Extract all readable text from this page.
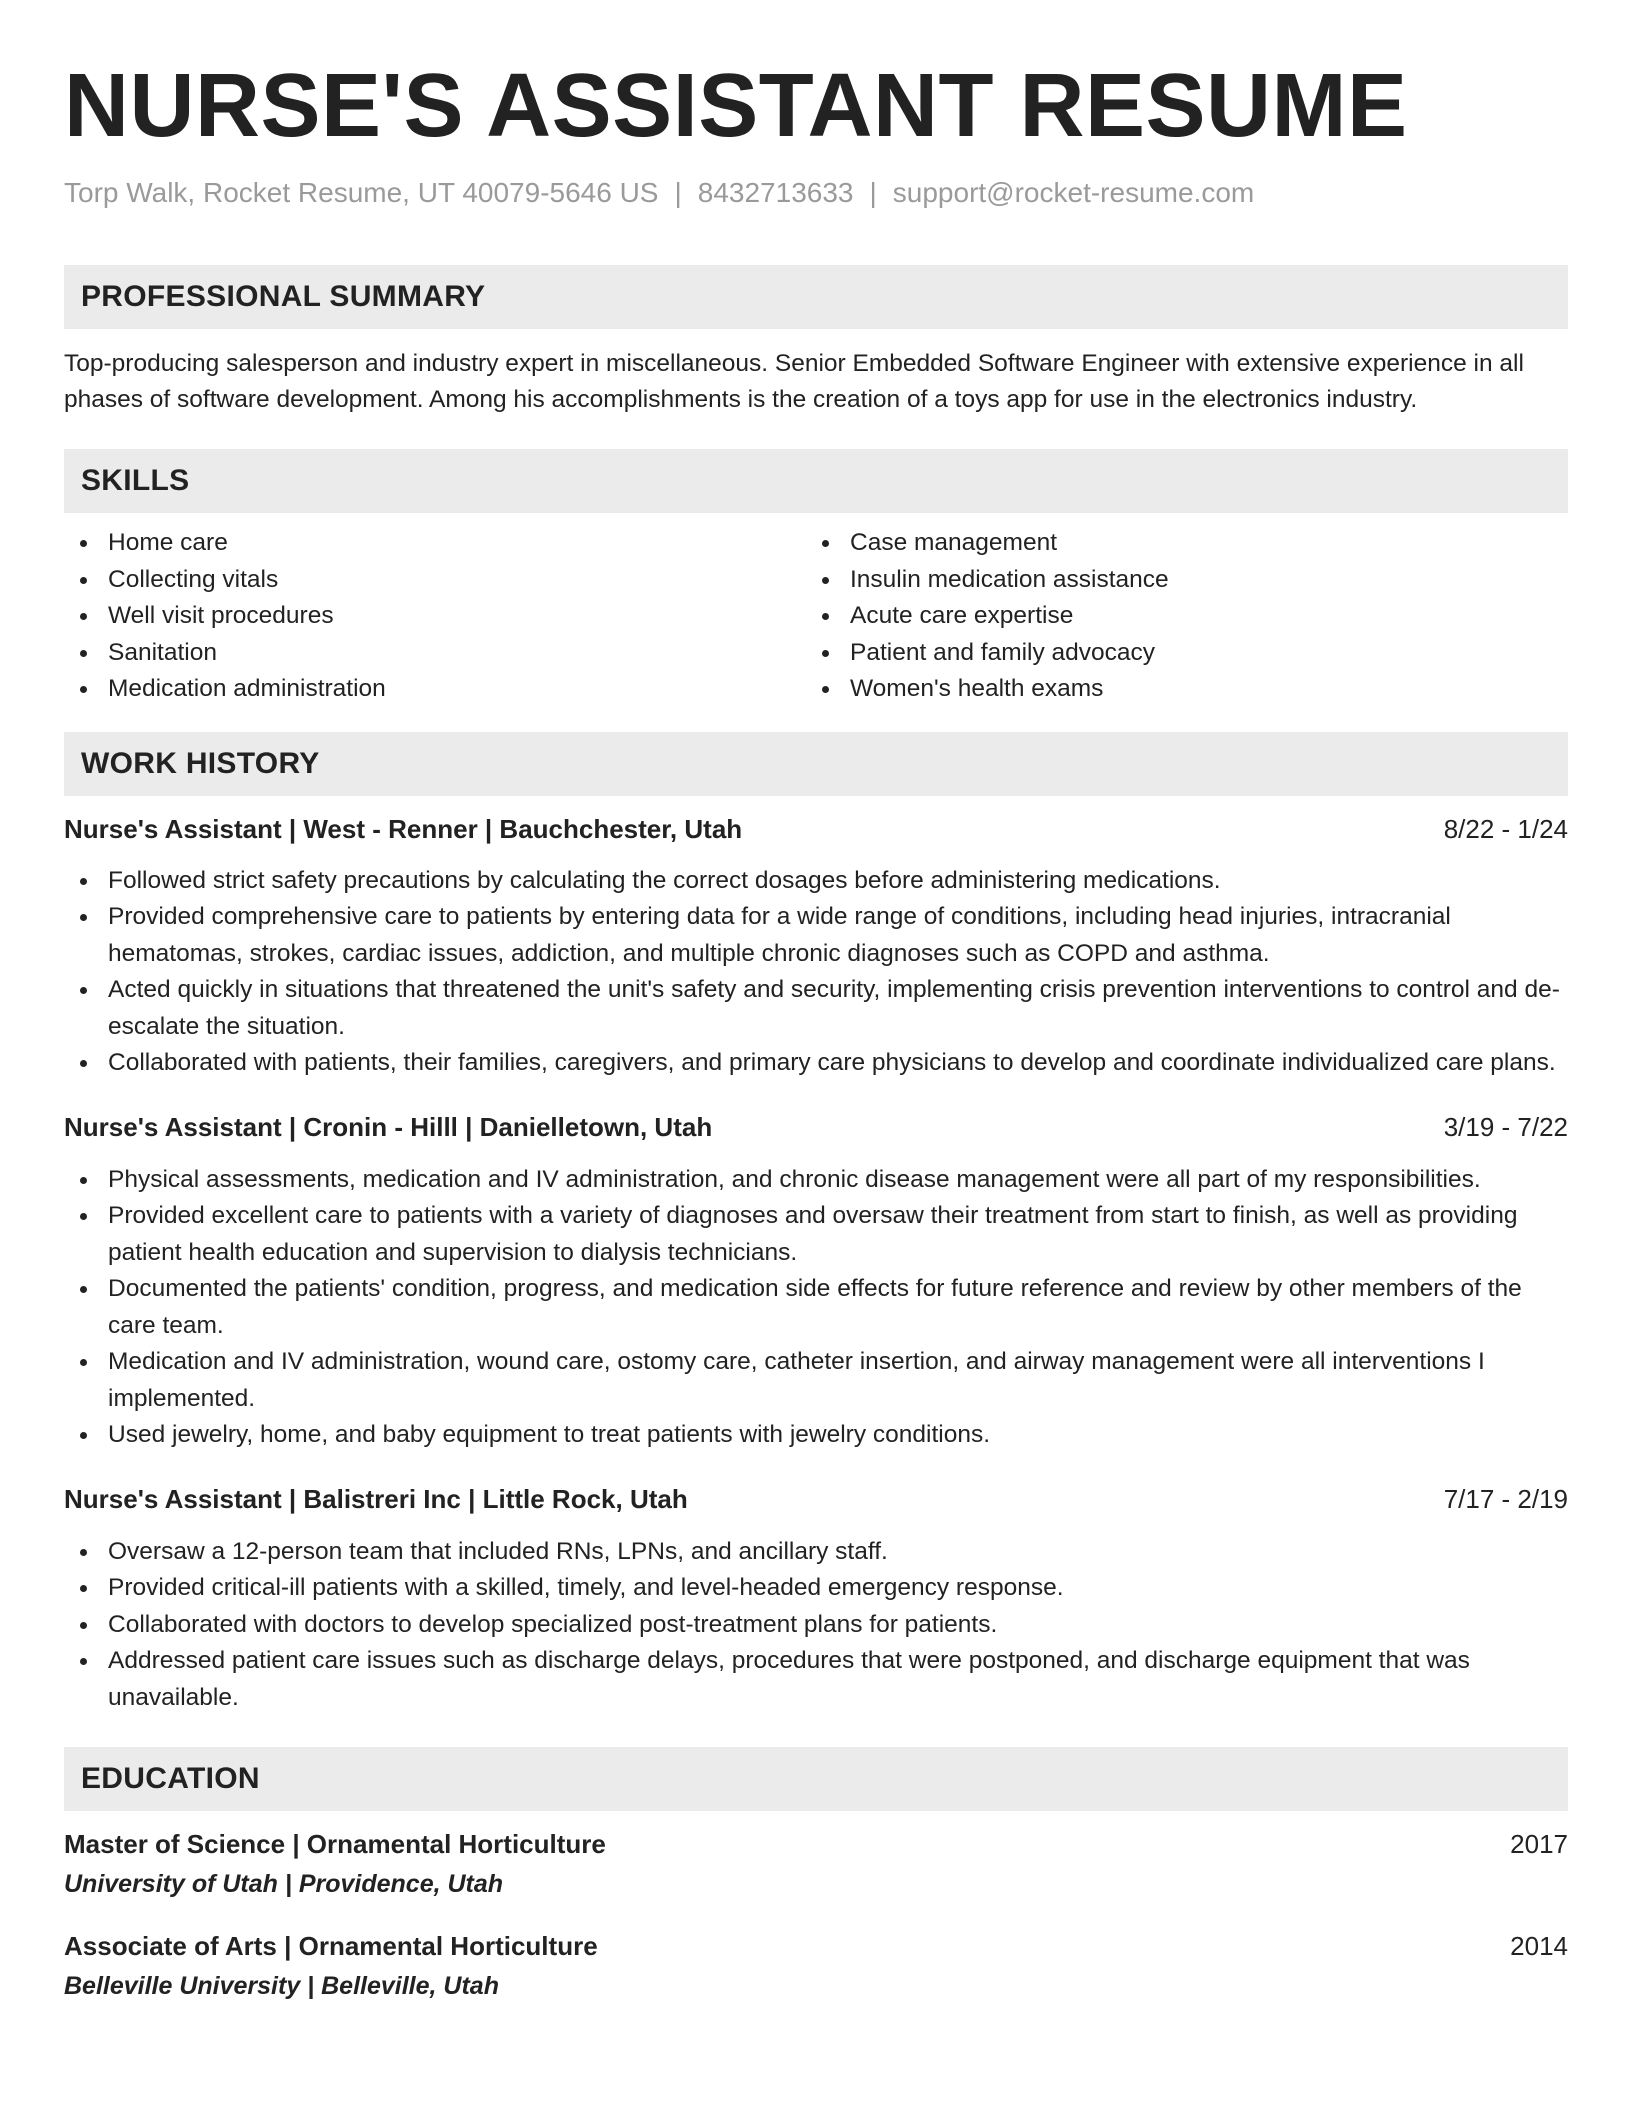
NURSE'S ASSISTANT RESUME
Torp Walk, Rocket Resume, UT 40079-5646 US | 8432713633 | support@rocket-resume.com
PROFESSIONAL SUMMARY
Top-producing salesperson and industry expert in miscellaneous. Senior Embedded Software Engineer with extensive experience in all phases of software development. Among his accomplishments is the creation of a toys app for use in the electronics industry.
SKILLS
Home care
Collecting vitals
Well visit procedures
Sanitation
Medication administration
Case management
Insulin medication assistance
Acute care expertise
Patient and family advocacy
Women's health exams
WORK HISTORY
Nurse's Assistant | West - Renner | Bauchchester, Utah	8/22 - 1/24
Followed strict safety precautions by calculating the correct dosages before administering medications.
Provided comprehensive care to patients by entering data for a wide range of conditions, including head injuries, intracranial hematomas, strokes, cardiac issues, addiction, and multiple chronic diagnoses such as COPD and asthma.
Acted quickly in situations that threatened the unit's safety and security, implementing crisis prevention interventions to control and de-escalate the situation.
Collaborated with patients, their families, caregivers, and primary care physicians to develop and coordinate individualized care plans.
Nurse's Assistant | Cronin - Hilll | Danielletown, Utah	3/19 - 7/22
Physical assessments, medication and IV administration, and chronic disease management were all part of my responsibilities.
Provided excellent care to patients with a variety of diagnoses and oversaw their treatment from start to finish, as well as providing patient health education and supervision to dialysis technicians.
Documented the patients' condition, progress, and medication side effects for future reference and review by other members of the care team.
Medication and IV administration, wound care, ostomy care, catheter insertion, and airway management were all interventions I implemented.
Used jewelry, home, and baby equipment to treat patients with jewelry conditions.
Nurse's Assistant | Balistreri Inc | Little Rock, Utah	7/17 - 2/19
Oversaw a 12-person team that included RNs, LPNs, and ancillary staff.
Provided critical-ill patients with a skilled, timely, and level-headed emergency response.
Collaborated with doctors to develop specialized post-treatment plans for patients.
Addressed patient care issues such as discharge delays, procedures that were postponed, and discharge equipment that was unavailable.
EDUCATION
Master of Science | Ornamental Horticulture	2017
University of Utah | Providence, Utah
Associate of Arts | Ornamental Horticulture	2014
Belleville University | Belleville, Utah
